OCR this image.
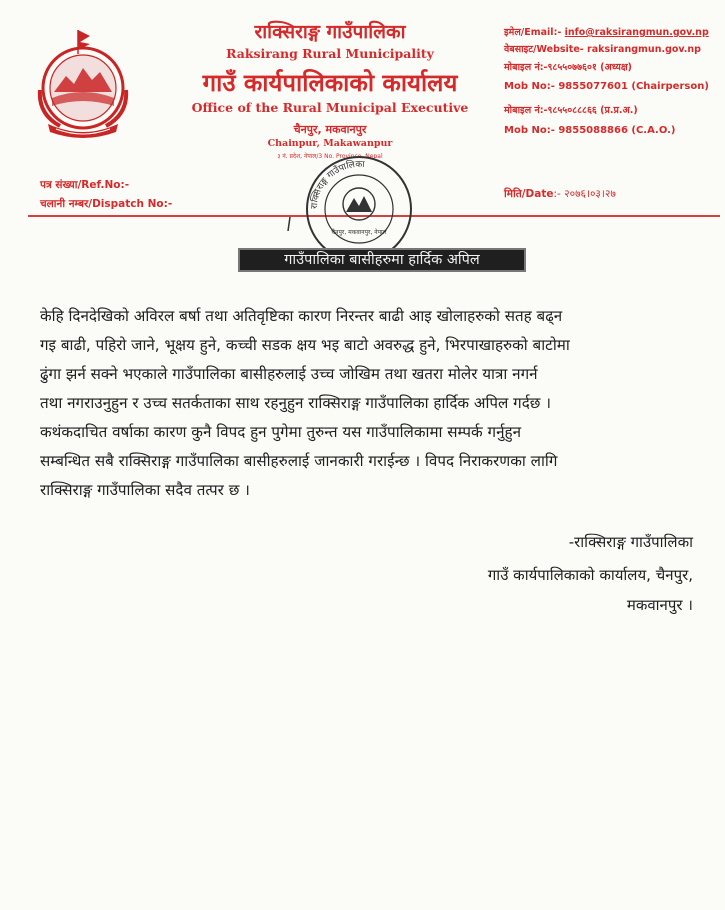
राक्सिराङ्ग गाउँपालिका
Raksirang Rural Municipality
गाउँ कार्यपालिकाको कार्यालय
Office of the Rural Municipal Executive
चैनपुर, मकवानपुर
Chainpur, Makawanpur
३ नं. प्रदेश, नेपाल/3 No. Province, Nepal
इमेल/Email:- info@raksirangmun.gov.np
वेबसाइट/Website- raksirangmun.gov.np
मोबाइल नं:-९८५५०७७६०१ (अध्यक्ष)
Mob No:- 9855077601 (Chairperson)
मोबाइल नं:-९८५५०८८८६६ (प्र.प्र.अ.)
Mob No:- 9855088866 (C.A.O.)
पत्र संख्या/Ref.No:-
चलानी नम्बर/Dispatch No:-
मिति/Date:- २०७६।०३।२७
राक्सिराङ्ग गाउँपालिका
चैनपुर, मकवानपुर, नेपाल
गाउँपालिका बासीहरुमा हार्दिक अपिल
केहि दिनदेखिको अविरल बर्षा तथा अतिवृष्टिका कारण निरन्तर बाढी आइ खोलाहरुको सतह बढ्न
गइ बाढी, पहिरो जाने, भूक्षय हुने, कच्ची सडक क्षय भइ बाटो अवरुद्ध हुने, भिरपाखाहरुको बाटोमा
ढुंगा झर्न सक्ने भएकाले गाउँपालिका बासीहरुलाई उच्च जोखिम तथा खतरा मोलेर यात्रा नगर्न
तथा नगराउनुहुन र उच्च सतर्कताका साथ रहनुहुन राक्सिराङ्ग गाउँपालिका हार्दिक अपिल गर्दछ ।
कथंकदाचित वर्षाका कारण कुनै विपद हुन पुगेमा तुरुन्त यस गाउँपालिकामा सम्पर्क गर्नुहुन
सम्बन्धित सबै राक्सिराङ्ग गाउँपालिका बासीहरुलाई जानकारी गराईन्छ । विपद निराकरणका लागि
राक्सिराङ्ग गाउँपालिका सदैव तत्पर छ ।
-राक्सिराङ्ग गाउँपालिका
गाउँ कार्यपालिकाको कार्यालय, चैनपुर,
मकवानपुर ।
